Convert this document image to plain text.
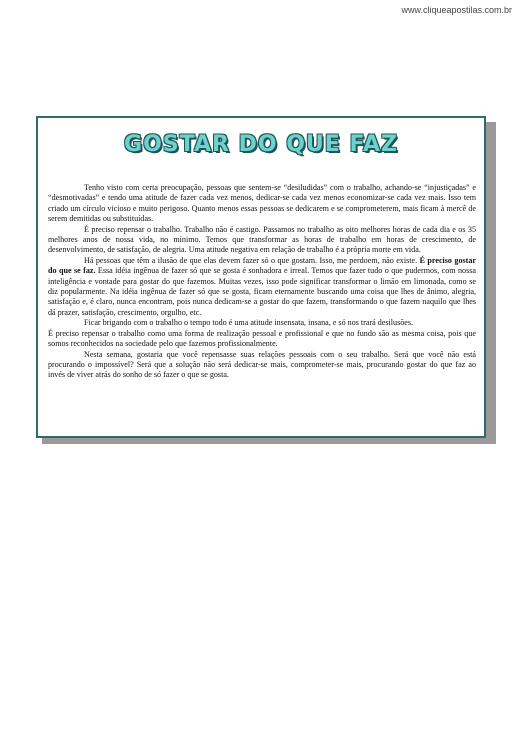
www.cliqueapostilas.com.br
GOSTAR DO QUE FAZ

Tenho visto com certa preocupação, pessoas que sentem-se “desiludidas” com o trabalho, achando-se “injustiçadas” e “desmotivadas” e tendo uma atitude de fazer cada vez menos, dedicar-se cada vez menos economizar-se cada vez mais. Isso tem criado um círculo vicioso e muito perigoso. Quanto menos essas pessoas se dedicarem e se comprometerem, mais ficam à mercê de serem demitidas ou substituídas.

É preciso repensar o trabalho. Trabalho não é castigo. Passamos no trabalho as oito melhores horas de cada dia e os 35 melhores anos de nossa vida, no mínimo. Temos que transformar as horas de trabalho em horas de crescimento, de desenvolvimento, de satisfação, de alegria. Uma atitude negativa em relação de trabalho é a própria morte em vida.

Há pessoas que têm a ilusão de que elas devem fazer só o que gostam. Isso, me perdoem, não existe. É preciso gostar do que se faz. Essa idéia ingênua de fazer só que se gosta é sonhadora e irreal. Temos que fazer tudo o que pudermos, com nossa inteligência e vontade para gostar do que fazemos. Muitas vezes, isso pode significar transformar o limão em limonada, como se diz popularmente. Na idéia ingênua de fazer só que se gosta, ficam eternamente buscando uma coisa que lhes de ânimo, alegria, satisfação e, é claro, nunca encontram, pois nunca dedicam-se a gostar do que fazem, transformando o que fazem naquilo que lhes dá prazer, satisfação, crescimento, orgulho, etc.

Ficar brigando com o trabalho o tempo todo é uma atitude insensata, insana, e só nos trará desilusões.

É preciso repensar o trabalho como uma forma de realização pessoal e profissional e que no fundo são as mesma coisa, pois que somos reconhecidos na sociedade pelo que fazemos profissionalmente.

Nesta semana, gostaria que você repensasse suas relações pessoais com o seu trabalho. Será que você não está procurando o impossível? Será que a solução não será dedicar-se mais, comprometer-se mais, procurando gostar do que faz ao invés de viver atrás do sonho de só fazer o que se gosta.
